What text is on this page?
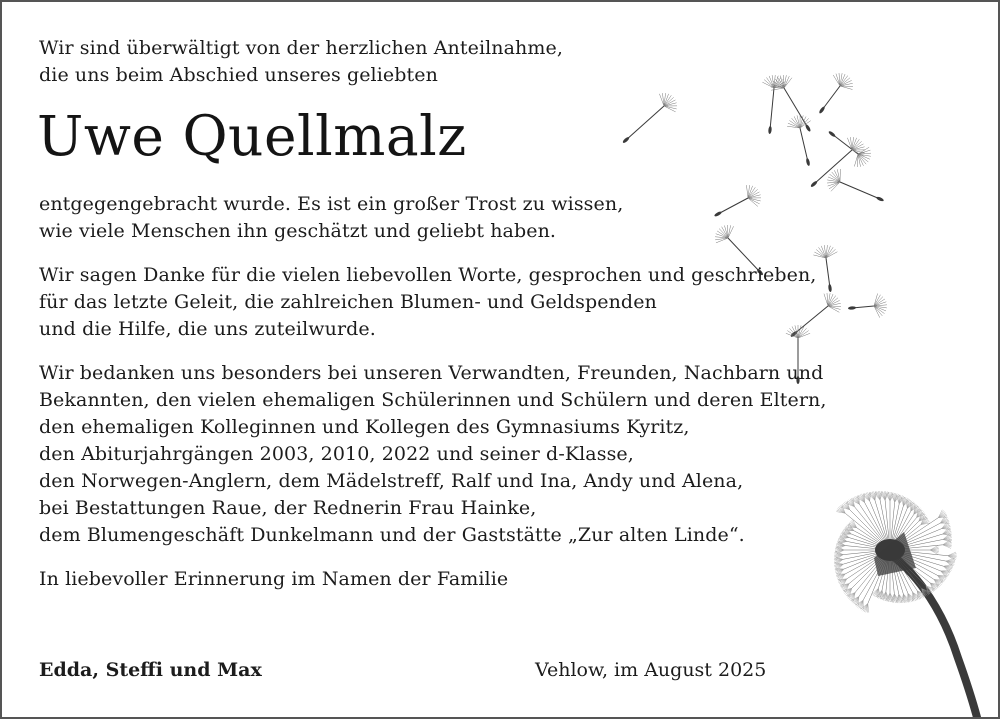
Wir sind überwältigt von der herzlichen Anteilnahme,
die uns beim Abschied unseres geliebten

Uwe Quellmalz

entgegengebracht wurde. Es ist ein großer Trost zu wissen,
wie viele Menschen ihn geschätzt und geliebt haben.

Wir sagen Danke für die vielen liebevollen Worte, gesprochen und geschrieben,
für das letzte Geleit, die zahlreichen Blumen- und Geldspenden
und die Hilfe, die uns zuteilwurde.

Wir bedanken uns besonders bei unseren Verwandten, Freunden, Nachbarn und
Bekannten, den vielen ehemaligen Schülerinnen und Schülern und deren Eltern,
den ehemaligen Kolleginnen und Kollegen des Gymnasiums Kyritz,
den Abiturjahrgängen 2003, 2010, 2022 und seiner d-Klasse,
den Norwegen-Anglern, dem Mädelstreff, Ralf und Ina, Andy und Alena,
bei Bestattungen Raue, der Rednerin Frau Hainke,
dem Blumengeschäft Dunkelmann und der Gaststätte „Zur alten Linde“.

In liebevoller Erinnerung im Namen der Familie

Edda, Steffi und Max	Vehlow, im August 2025
